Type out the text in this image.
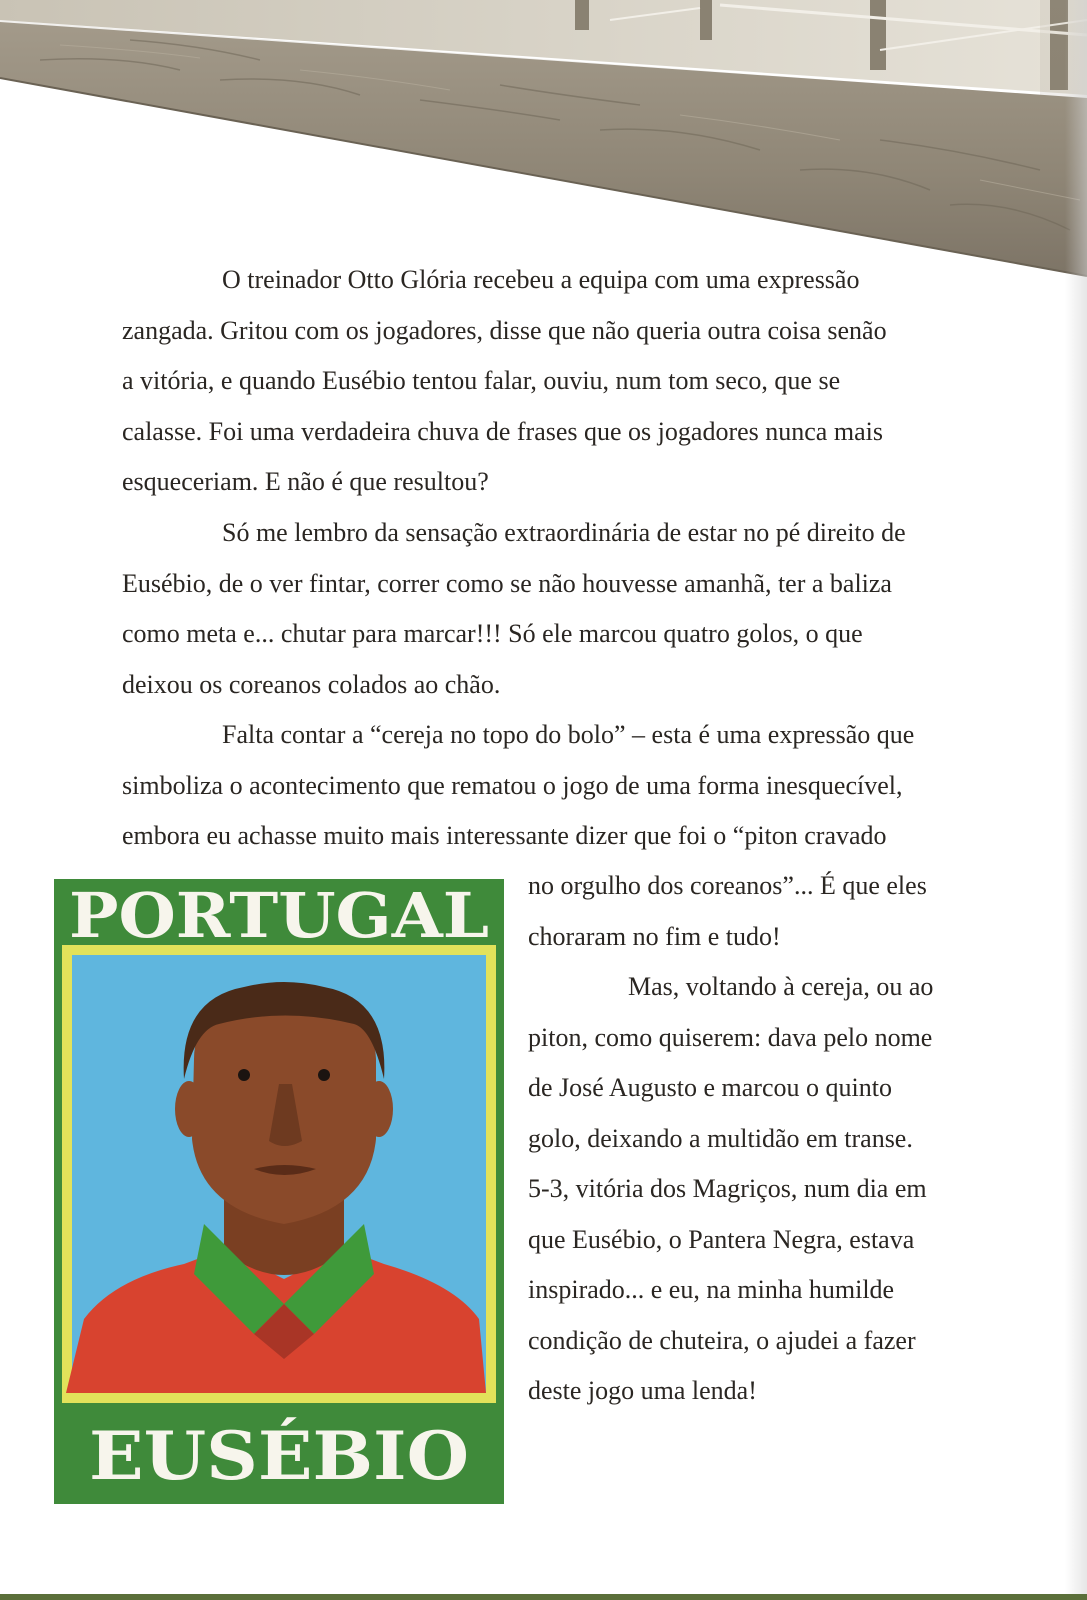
O treinador Otto Glória recebeu a equipa com uma expressão
zangada. Gritou com os jogadores, disse que não queria outra coisa senão
a vitória, e quando Eusébio tentou falar, ouviu, num tom seco, que se
calasse. Foi uma verdadeira chuva de frases que os jogadores nunca mais
esqueceriam. E não é que resultou?

Só me lembro da sensação extraordinária de estar no pé direito de
Eusébio, de o ver fintar, correr como se não houvesse amanhã, ter a baliza
como meta e... chutar para marcar!!! Só ele marcou quatro golos, o que
deixou os coreanos colados ao chão.

Falta contar a “cereja no topo do bolo” – esta é uma expressão que
simboliza o acontecimento que rematou o jogo de uma forma inesquecível,
embora eu achasse muito mais interessante dizer que foi o “piton cravado

no orgulho dos coreanos”... É que eles
choraram no fim e tudo!

Mas, voltando à cereja, ou ao
piton, como quiserem: dava pelo nome
de José Augusto e marcou o quinto
golo, deixando a multidão em transe.
5-3, vitória dos Magriços, num dia em
que Eusébio, o Pantera Negra, estava
inspirado... e eu, na minha humilde
condição de chuteira, o ajudei a fazer
deste jogo uma lenda!

PORTUGAL
EUSÉBIO
